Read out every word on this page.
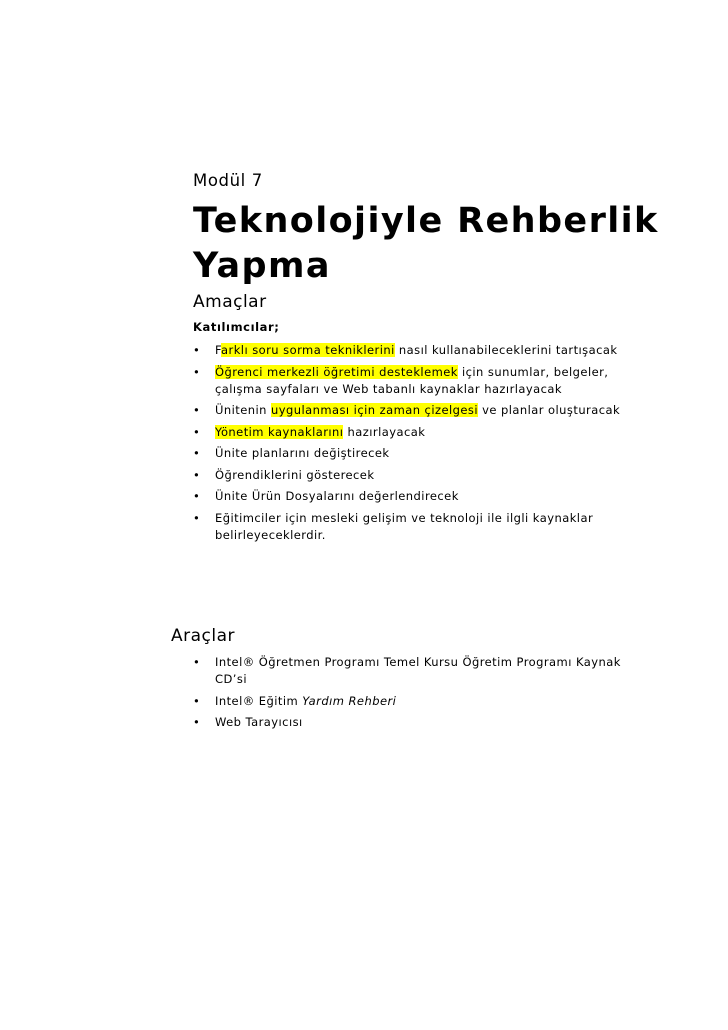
Modül 7
Teknolojiyle Rehberlik
Yapma
Amaçlar
Katılımcılar;
• Farklı soru sorma tekniklerini nasıl kullanabileceklerini tartışacak
• Öğrenci merkezli öğretimi desteklemek için sunumlar, belgeler, çalışma sayfaları ve Web tabanlı kaynaklar hazırlayacak
• Ünitenin uygulanması için zaman çizelgesi ve planlar oluşturacak
• Yönetim kaynaklarını hazırlayacak
• Ünite planlarını değiştirecek
• Öğrendiklerini gösterecek
• Ünite Ürün Dosyalarını değerlendirecek
• Eğitimciler için mesleki gelişim ve teknoloji ile ilgli kaynaklar belirleyeceklerdir.
Araçlar
• Intel® Öğretmen Programı Temel Kursu Öğretim Programı Kaynak CD’si
• Intel® Eğitim Yardım Rehberi
• Web Tarayıcısı
